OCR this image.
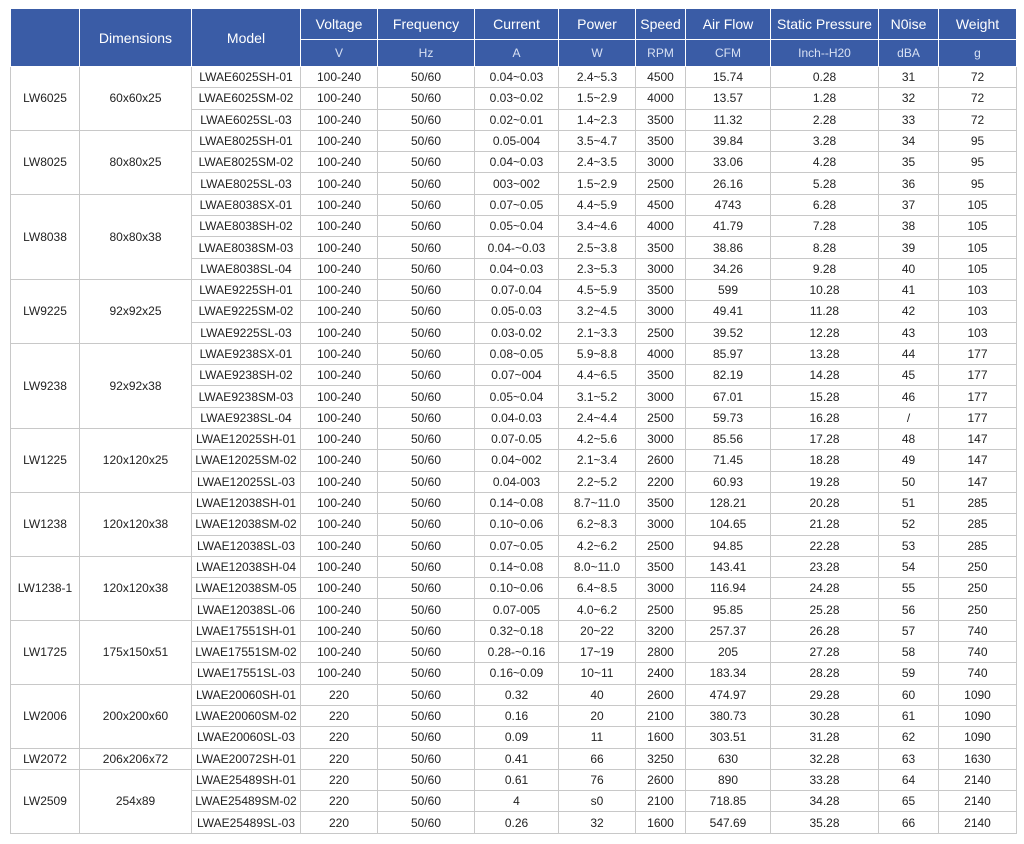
	Dimensions	Model	Voltage	Frequency	Current	Power	Speed	Air Flow	Static Pressure	N0ise	Weight
			V	Hz	A	W	RPM	CFM	Inch--H20	dBA	g
LW6025	60x60x25	LWAE6025SH-01	100-240	50/60	0.04~0.03	2.4~5.3	4500	15.74	0.28	31	72
		LWAE6025SM-02	100-240	50/60	0.03~0.02	1.5~2.9	4000	13.57	1.28	32	72
		LWAE6025SL-03	100-240	50/60	0.02~0.01	1.4~2.3	3500	11.32	2.28	33	72
LW8025	80x80x25	LWAE8025SH-01	100-240	50/60	0.05-004	3.5~4.7	3500	39.84	3.28	34	95
		LWAE8025SM-02	100-240	50/60	0.04~0.03	2.4~3.5	3000	33.06	4.28	35	95
		LWAE8025SL-03	100-240	50/60	003~002	1.5~2.9	2500	26.16	5.28	36	95
LW8038	80x80x38	LWAE8038SX-01	100-240	50/60	0.07~0.05	4.4~5.9	4500	4743	6.28	37	105
		LWAE8038SH-02	100-240	50/60	0.05~0.04	3.4~4.6	4000	41.79	7.28	38	105
		LWAE8038SM-03	100-240	50/60	0.04-~0.03	2.5~3.8	3500	38.86	8.28	39	105
		LWAE8038SL-04	100-240	50/60	0.04~0.03	2.3~5.3	3000	34.26	9.28	40	105
LW9225	92x92x25	LWAE9225SH-01	100-240	50/60	0.07-0.04	4.5~5.9	3500	599	10.28	41	103
		LWAE9225SM-02	100-240	50/60	0.05-0.03	3.2~4.5	3000	49.41	11.28	42	103
		LWAE9225SL-03	100-240	50/60	0.03-0.02	2.1~3.3	2500	39.52	12.28	43	103
LW9238	92x92x38	LWAE9238SX-01	100-240	50/60	0.08~0.05	5.9~8.8	4000	85.97	13.28	44	177
		LWAE9238SH-02	100-240	50/60	0.07~004	4.4~6.5	3500	82.19	14.28	45	177
		LWAE9238SM-03	100-240	50/60	0.05~0.04	3.1~5.2	3000	67.01	15.28	46	177
		LWAE9238SL-04	100-240	50/60	0.04-0.03	2.4~4.4	2500	59.73	16.28	/	177
LW1225	120x120x25	LWAE12025SH-01	100-240	50/60	0.07-0.05	4.2~5.6	3000	85.56	17.28	48	147
		LWAE12025SM-02	100-240	50/60	0.04~002	2.1~3.4	2600	71.45	18.28	49	147
		LWAE12025SL-03	100-240	50/60	0.04-003	2.2~5.2	2200	60.93	19.28	50	147
LW1238	120x120x38	LWAE12038SH-01	100-240	50/60	0.14~0.08	8.7~11.0	3500	128.21	20.28	51	285
		LWAE12038SM-02	100-240	50/60	0.10~0.06	6.2~8.3	3000	104.65	21.28	52	285
		LWAE12038SL-03	100-240	50/60	0.07~0.05	4.2~6.2	2500	94.85	22.28	53	285
LW1238-1	120x120x38	LWAE12038SH-04	100-240	50/60	0.14~0.08	8.0~11.0	3500	143.41	23.28	54	250
		LWAE12038SM-05	100-240	50/60	0.10~0.06	6.4~8.5	3000	116.94	24.28	55	250
		LWAE12038SL-06	100-240	50/60	0.07-005	4.0~6.2	2500	95.85	25.28	56	250
LW1725	175x150x51	LWAE17551SH-01	100-240	50/60	0.32~0.18	20~22	3200	257.37	26.28	57	740
		LWAE17551SM-02	100-240	50/60	0.28-~0.16	17~19	2800	205	27.28	58	740
		LWAE17551SL-03	100-240	50/60	0.16~0.09	10~11	2400	183.34	28.28	59	740
LW2006	200x200x60	LWAE20060SH-01	220	50/60	0.32	40	2600	474.97	29.28	60	1090
		LWAE20060SM-02	220	50/60	0.16	20	2100	380.73	30.28	61	1090
		LWAE20060SL-03	220	50/60	0.09	11	1600	303.51	31.28	62	1090
LW2072	206x206x72	LWAE20072SH-01	220	50/60	0.41	66	3250	630	32.28	63	1630
LW2509	254x89	LWAE25489SH-01	220	50/60	0.61	76	2600	890	33.28	64	2140
		LWAE25489SM-02	220	50/60	4	s0	2100	718.85	34.28	65	2140
		LWAE25489SL-03	220	50/60	0.26	32	1600	547.69	35.28	66	2140
